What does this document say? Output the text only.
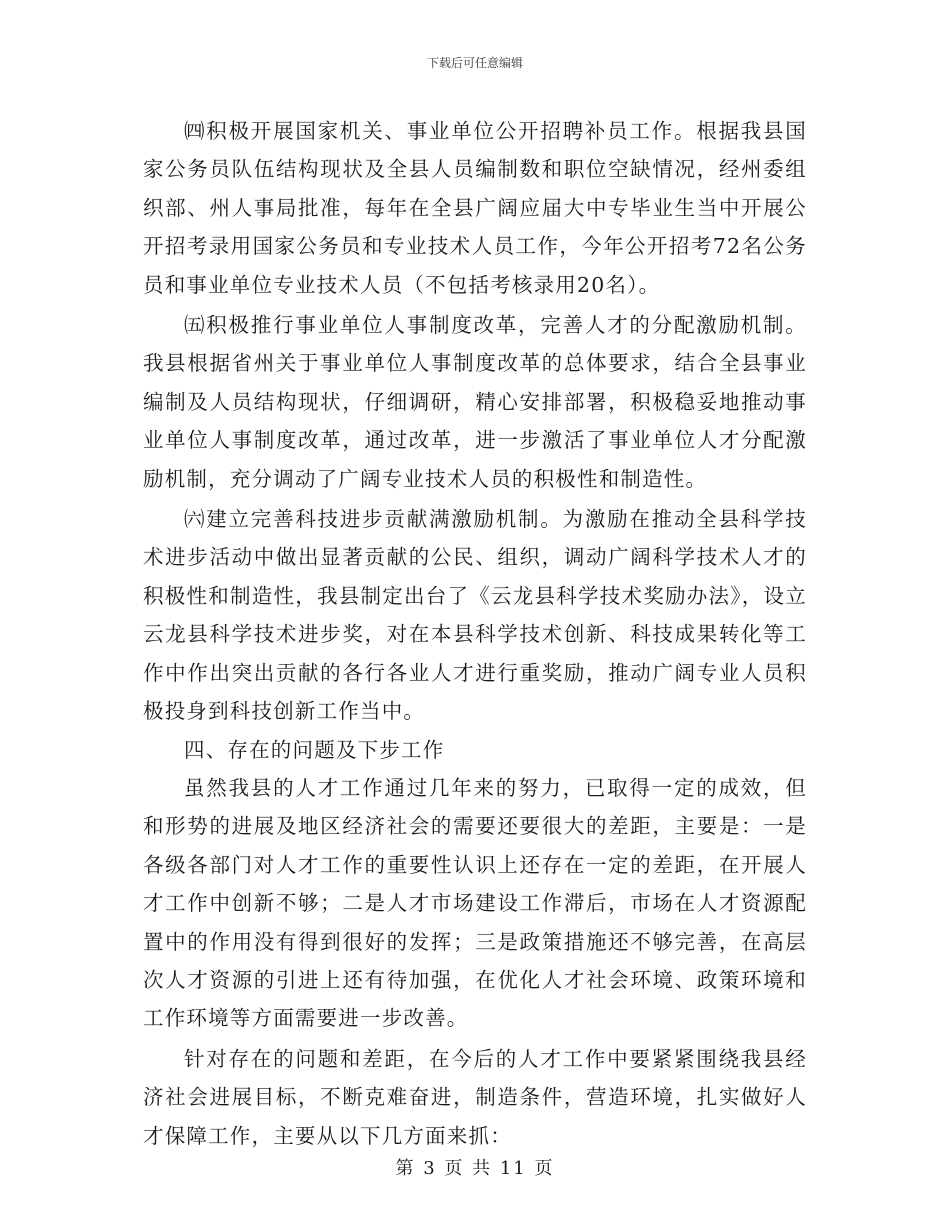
下载后可任意编辑

㈣积极开展国家机关、事业单位公开招聘补员工作。根据我县国家公务员队伍结构现状及全县人员编制数和职位空缺情况，经州委组织部、州人事局批准，每年在全县广阔应届大中专毕业生当中开展公开招考录用国家公务员和专业技术人员工作，今年公开招考72名公务员和事业单位专业技术人员（不包括考核录用20名）。

㈤积极推行事业单位人事制度改革，完善人才的分配激励机制。我县根据省州关于事业单位人事制度改革的总体要求，结合全县事业编制及人员结构现状，仔细调研，精心安排部署，积极稳妥地推动事业单位人事制度改革，通过改革，进一步激活了事业单位人才分配激励机制，充分调动了广阔专业技术人员的积极性和制造性。

㈥建立完善科技进步贡献满激励机制。为激励在推动全县科学技术进步活动中做出显著贡献的公民、组织，调动广阔科学技术人才的积极性和制造性，我县制定出台了《云龙县科学技术奖励办法》，设立云龙县科学技术进步奖，对在本县科学技术创新、科技成果转化等工作中作出突出贡献的各行各业人才进行重奖励，推动广阔专业人员积极投身到科技创新工作当中。

四、存在的问题及下步工作

虽然我县的人才工作通过几年来的努力，已取得一定的成效，但和形势的进展及地区经济社会的需要还要很大的差距，主要是：一是各级各部门对人才工作的重要性认识上还存在一定的差距，在开展人才工作中创新不够；二是人才市场建设工作滞后，市场在人才资源配置中的作用没有得到很好的发挥；三是政策措施还不够完善，在高层次人才资源的引进上还有待加强，在优化人才社会环境、政策环境和工作环境等方面需要进一步改善。

针对存在的问题和差距，在今后的人才工作中要紧紧围绕我县经济社会进展目标，不断克难奋进，制造条件，营造环境，扎实做好人才保障工作，主要从以下几方面来抓：

第 3 页 共 11 页
